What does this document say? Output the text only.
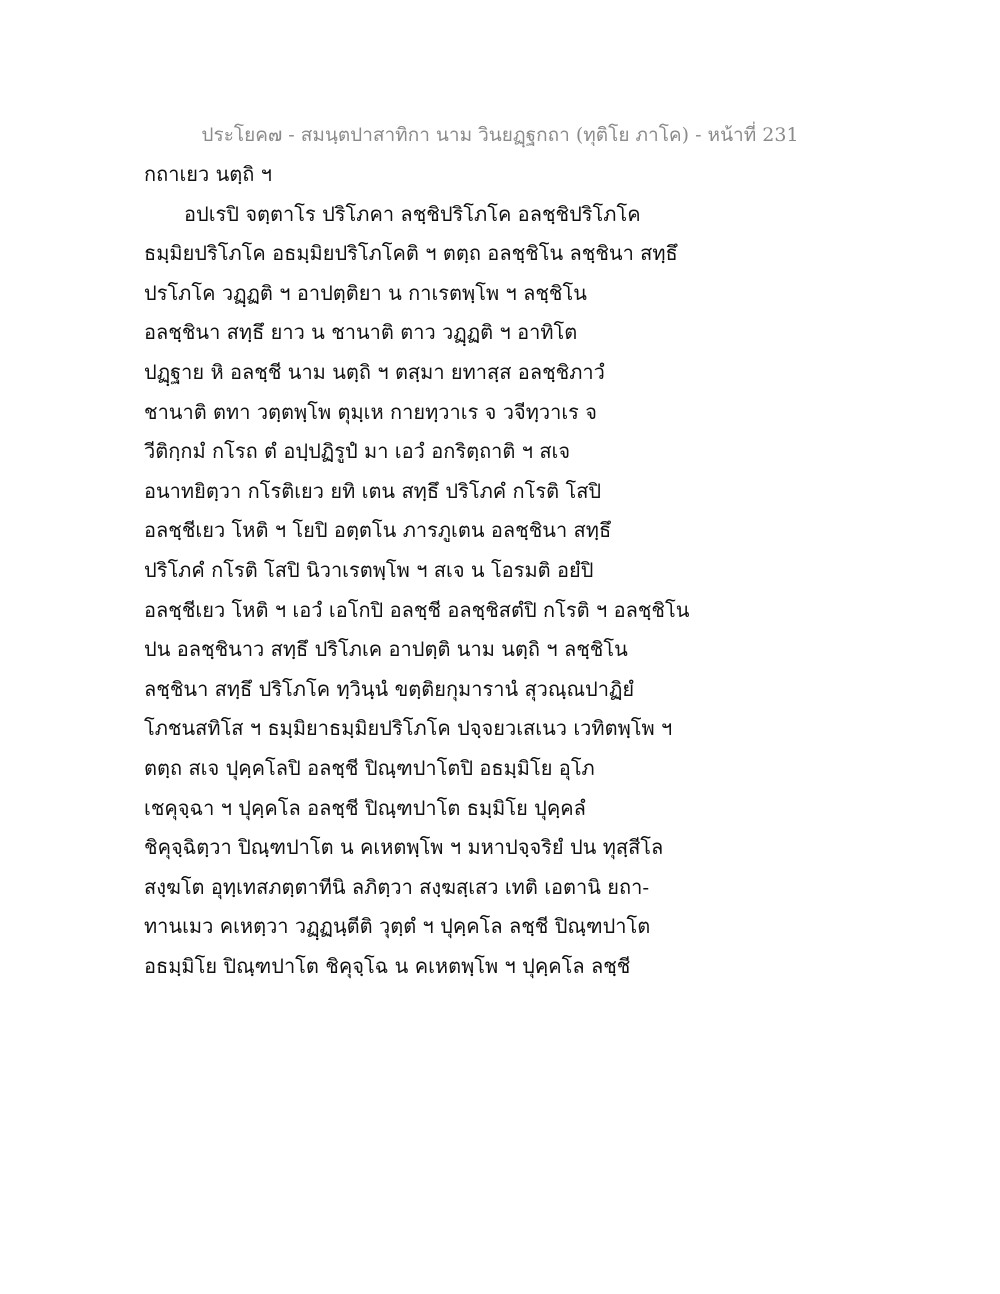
ประโยค๗ - สมนฺตปาสาทิกา นาม วินยฏฺฐกถา (ทุติโย ภาโค) - หน้าที่ 231
กถาเยว นตฺถิ ฯ
อปเรปิ จตฺตาโร ปริโภคา ลชฺชิปริโภโค อลชฺชิปริโภโค
ธมฺมิยปริโภโค อธมฺมิยปริโภโคติ ฯ ตตฺถ อลชฺชิโน ลชฺชินา สทฺธึ
ปรโภโค วฏฺฏติ ฯ อาปตฺติยา น กาเรตพฺโพ ฯ ลชฺชิโน
อลชฺชินา สทฺธึ ยาว น ชานาติ ตาว วฏฺฏติ ฯ อาทิโต
ปฏฺฐาย หิ อลชฺชี นาม นตฺถิ ฯ ตสฺมา ยทาสฺส อลชฺชิภาวํ
ชานาติ ตทา วตฺตพฺโพ ตุมฺเห กายทฺวาเร จ วจีทฺวาเร จ
วีติกฺกมํ กโรถ ตํ อปฺปฏิรูปํ มา เอวํ อกริตฺถาติ ฯ สเจ
อนาทยิตฺวา กโรติเยว ยทิ เตน สทฺธึ ปริโภคํ กโรติ โสปิ
อลชฺชีเยว โหติ ฯ โยปิ อตฺตโน ภารภูเตน อลชฺชินา สทฺธึ
ปริโภคํ กโรติ โสปิ นิวาเรตพฺโพ ฯ สเจ น โอรมติ อยํปิ
อลชฺชีเยว โหติ ฯ เอวํ เอโกปิ อลชฺชี อลชฺชิสตํปิ กโรติ ฯ อลชฺชิโน
ปน อลชฺชินาว สทฺธึ ปริโภเค อาปตฺติ นาม นตฺถิ ฯ ลชฺชิโน
ลชฺชินา สทฺธึ ปริโภโค ทฺวินฺนํ ขตฺติยกุมารานํ สุวณฺณปาฏิยํ
โภชนสทิโส ฯ ธมฺมิยาธมฺมิยปริโภโค ปจฺจยวเสเนว เวทิตพฺโพ ฯ
ตตฺถ สเจ ปุคฺคโลปิ อลชฺชี ปิณฺฑปาโตปิ อธมฺมิโย อุโภ
เชคุจฺฉา ฯ ปุคฺคโล อลชฺชี ปิณฺฑปาโต ธมฺมิโย ปุคฺคลํ
ชิคุจฺฉิตฺวา ปิณฺฑปาโต น คเหตพฺโพ ฯ มหาปจฺจริยํ ปน ทุสฺสีโล
สงฺฆโต อุทฺเทสภตฺตาทีนิ ลภิตฺวา สงฺฆสฺเสว เทติ เอตานิ ยถา-
ทานเมว คเหตฺวา วฏฺฏนฺตีติ วุตฺตํ ฯ ปุคฺคโล ลชฺชี ปิณฺฑปาโต
อธมฺมิโย ปิณฺฑปาโต ชิคุจฺโฉ น คเหตพฺโพ ฯ ปุคฺคโล ลชฺชี
